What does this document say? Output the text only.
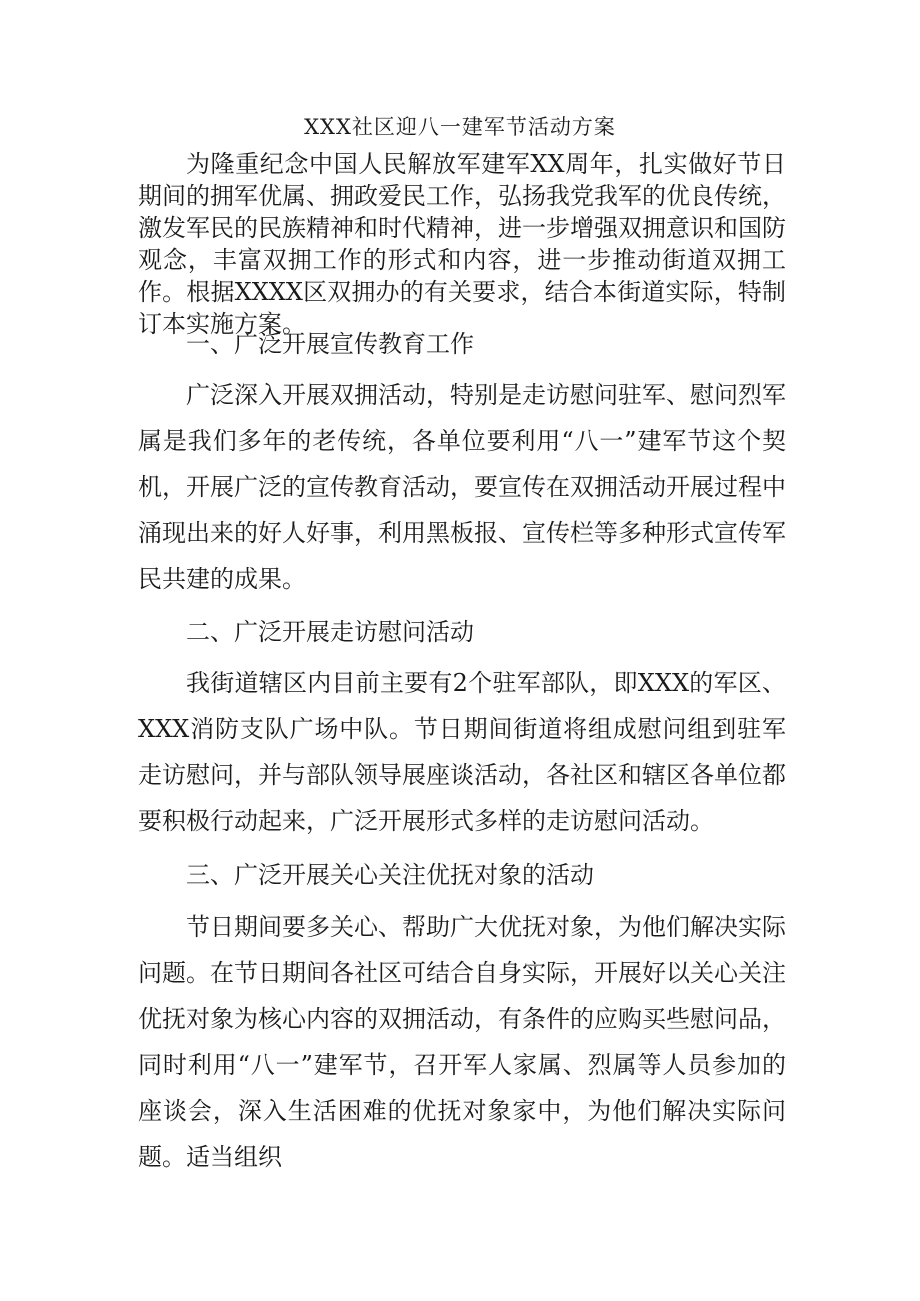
XXX社区迎八一建军节活动方案

为隆重纪念中国人民解放军建军XX周年，扎实做好节日期间的拥军优属、拥政爱民工作，弘扬我党我军的优良传统，激发军民的民族精神和时代精神，进一步增强双拥意识和国防观念，丰富双拥工作的形式和内容，进一步推动街道双拥工作。根据XXXX区双拥办的有关要求，结合本街道实际，特制订本实施方案。

一、广泛开展宣传教育工作

广泛深入开展双拥活动，特别是走访慰问驻军、慰问烈军属是我们多年的老传统，各单位要利用“八一”建军节这个契机，开展广泛的宣传教育活动，要宣传在双拥活动开展过程中涌现出来的好人好事，利用黑板报、宣传栏等多种形式宣传军民共建的成果。

二、广泛开展走访慰问活动

我街道辖区内目前主要有2个驻军部队，即XXX的军区、XXX消防支队广场中队。节日期间街道将组成慰问组到驻军走访慰问，并与部队领导展座谈活动，各社区和辖区各单位都要积极行动起来，广泛开展形式多样的走访慰问活动。

三、广泛开展关心关注优抚对象的活动

节日期间要多关心、帮助广大优抚对象，为他们解决实际问题。在节日期间各社区可结合自身实际，开展好以关心关注优抚对象为核心内容的双拥活动，有条件的应购买些慰问品，同时利用“八一”建军节，召开军人家属、烈属等人员参加的座谈会，深入生活困难的优抚对象家中，为他们解决实际问题。适当组织
